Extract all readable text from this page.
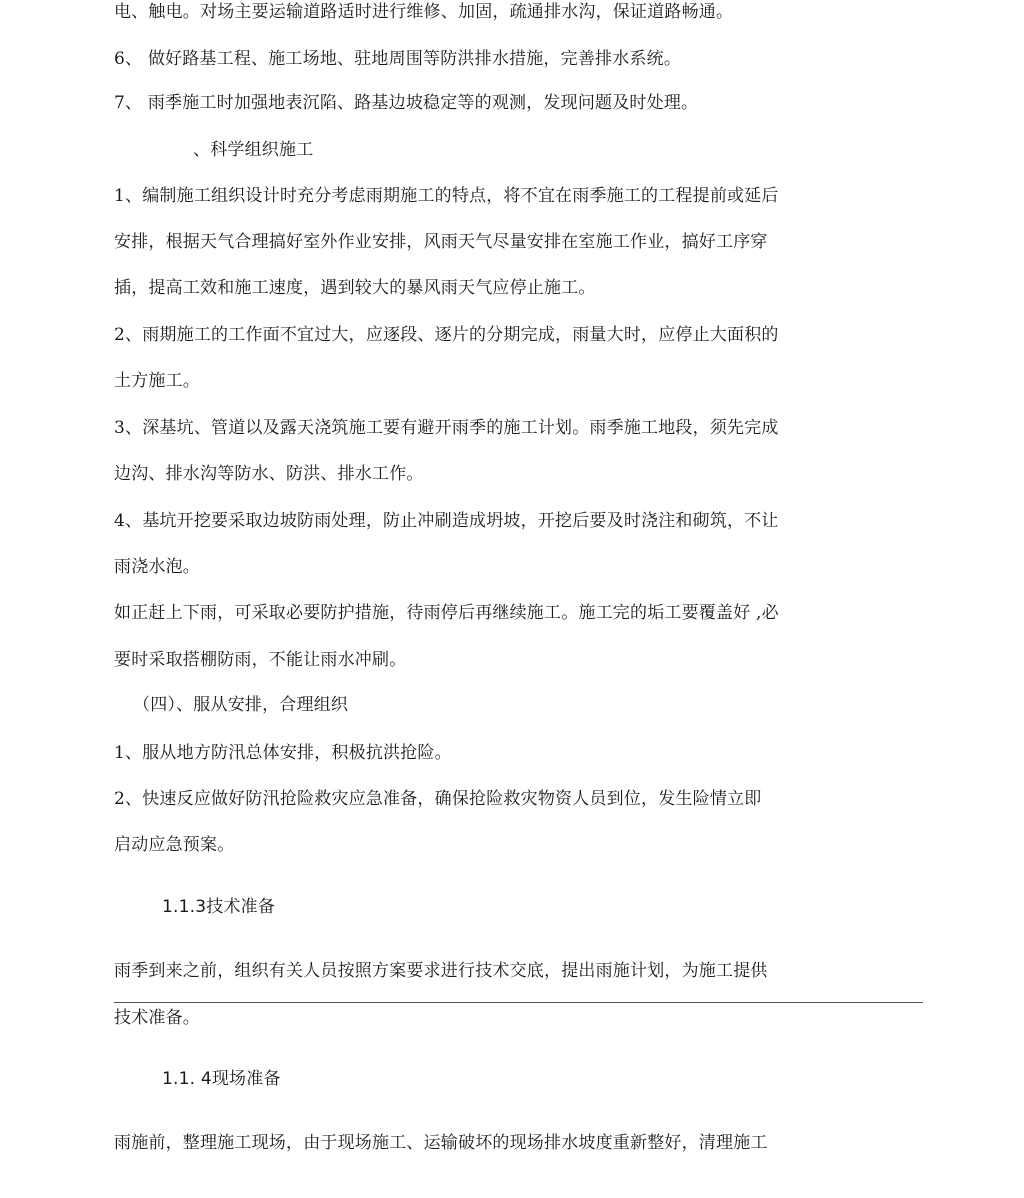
电、触电。对场主要运输道路适时进行维修、加固，疏通排水沟，保证道路畅通。
6、 做好路基工程、施工场地、驻地周围等防洪排水措施，完善排水系统。
7、 雨季施工时加强地表沉陷、路基边坡稳定等的观测，发现问题及时处理。
、科学组织施工
1、编制施工组织设计时充分考虑雨期施工的特点，将不宜在雨季施工的工程提前或延后
安排，根据天气合理搞好室外作业安排，风雨天气尽量安排在室施工作业，搞好工序穿
插，提高工效和施工速度，遇到较大的暴风雨天气应停止施工。
2、雨期施工的工作面不宜过大，应逐段、逐片的分期完成，雨量大时，应停止大面积的
土方施工。
3、深基坑、管道以及露天浇筑施工要有避开雨季的施工计划。雨季施工地段，须先完成
边沟、排水沟等防水、防洪、排水工作。
4、基坑开挖要采取边坡防雨处理，防止冲刷造成坍坡，开挖后要及时浇注和砌筑，不让
雨浇水泡。
如正赶上下雨，可采取必要防护措施，待雨停后再继续施工。施工完的垢工要覆盖好 ,必
要时采取搭棚防雨，不能让雨水冲刷。
（四）、服从安排，合理组织
1、服从地方防汛总体安排，积极抗洪抢险。
2、快速反应做好防汛抢险救灾应急准备，确保抢险救灾物资人员到位，发生险情立即
启动应急预案。
1.1.3技术准备
雨季到来之前，组织有关人员按照方案要求进行技术交底，提出雨施计划，为施工提供
技术准备。
1.1. 4现场准备
雨施前，整理施工现场，由于现场施工、运输破坏的现场排水坡度重新整好，清理施工
